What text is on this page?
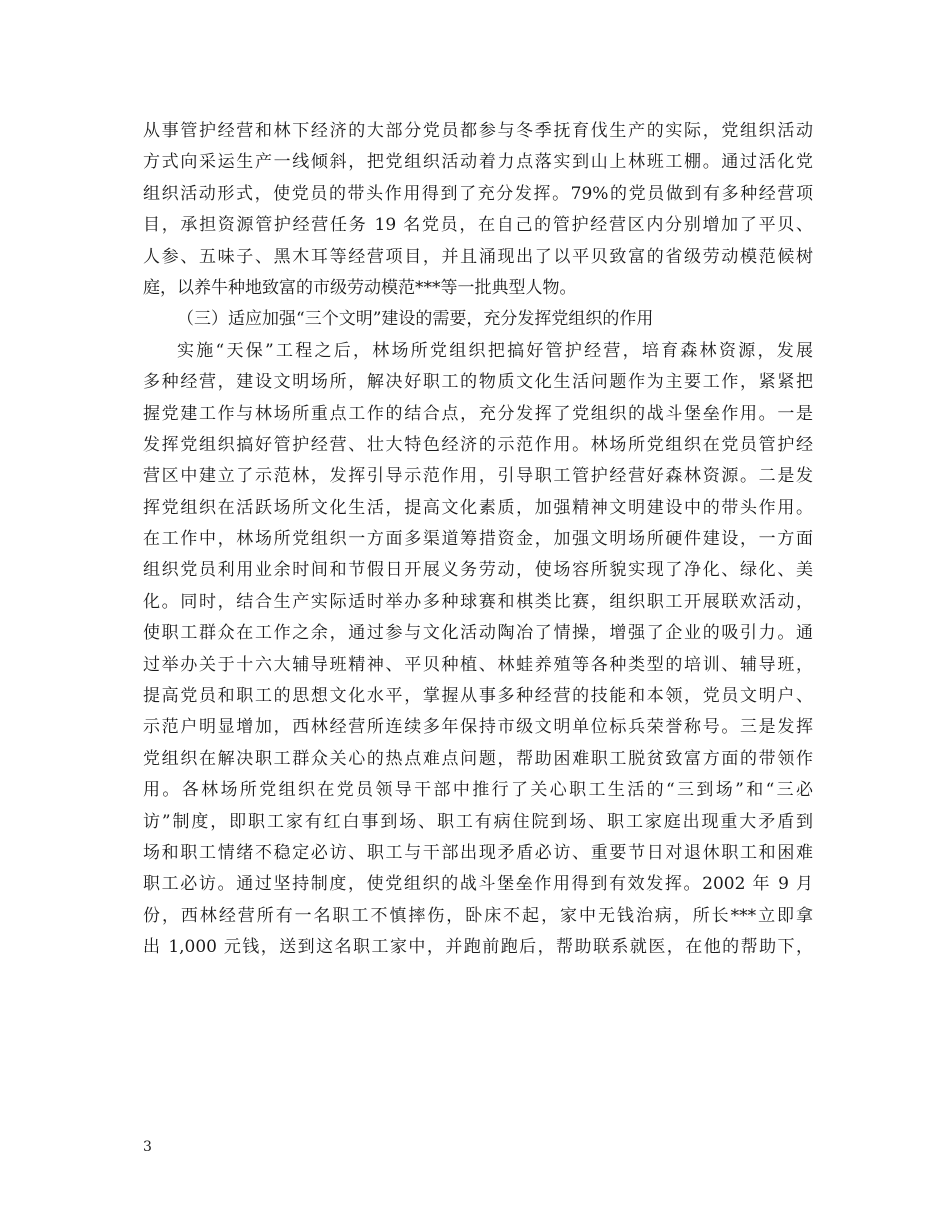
从事管护经营和林下经济的大部分党员都参与冬季抚育伐生产的实际，党组织活动
方式向采运生产一线倾斜，把党组织活动着力点落实到山上林班工棚。通过活化党
组织活动形式，使党员的带头作用得到了充分发挥。79%的党员做到有多种经营项
目，承担资源管护经营任务 19 名党员，在自己的管护经营区内分别增加了平贝、
人参、五味子、黑木耳等经营项目，并且涌现出了以平贝致富的省级劳动模范候树
庭，以养牛种地致富的市级劳动模范***等一批典型人物。
（三）适应加强“三个文明”建设的需要，充分发挥党组织的作用
实施“天保”工程之后，林场所党组织把搞好管护经营，培育森林资源，发展
多种经营，建设文明场所，解决好职工的物质文化生活问题作为主要工作，紧紧把
握党建工作与林场所重点工作的结合点，充分发挥了党组织的战斗堡垒作用。一是
发挥党组织搞好管护经营、壮大特色经济的示范作用。林场所党组织在党员管护经
营区中建立了示范林，发挥引导示范作用，引导职工管护经营好森林资源。二是发
挥党组织在活跃场所文化生活，提高文化素质，加强精神文明建设中的带头作用。
在工作中，林场所党组织一方面多渠道筹措资金，加强文明场所硬件建设，一方面
组织党员利用业余时间和节假日开展义务劳动，使场容所貌实现了净化、绿化、美
化。同时，结合生产实际适时举办多种球赛和棋类比赛，组织职工开展联欢活动，
使职工群众在工作之余，通过参与文化活动陶冶了情操，增强了企业的吸引力。通
过举办关于十六大辅导班精神、平贝种植、林蛙养殖等各种类型的培训、辅导班，
提高党员和职工的思想文化水平，掌握从事多种经营的技能和本领，党员文明户、
示范户明显增加，西林经营所连续多年保持市级文明单位标兵荣誉称号。三是发挥
党组织在解决职工群众关心的热点难点问题，帮助困难职工脱贫致富方面的带领作
用。各林场所党组织在党员领导干部中推行了关心职工生活的“三到场”和“三必
访”制度，即职工家有红白事到场、职工有病住院到场、职工家庭出现重大矛盾到
场和职工情绪不稳定必访、职工与干部出现矛盾必访、重要节日对退休职工和困难
职工必访。通过坚持制度，使党组织的战斗堡垒作用得到有效发挥。2002 年 9 月
份，西林经营所有一名职工不慎摔伤，卧床不起，家中无钱治病，所长***立即拿
出 1,000 元钱，送到这名职工家中，并跑前跑后，帮助联系就医，在他的帮助下，
3
